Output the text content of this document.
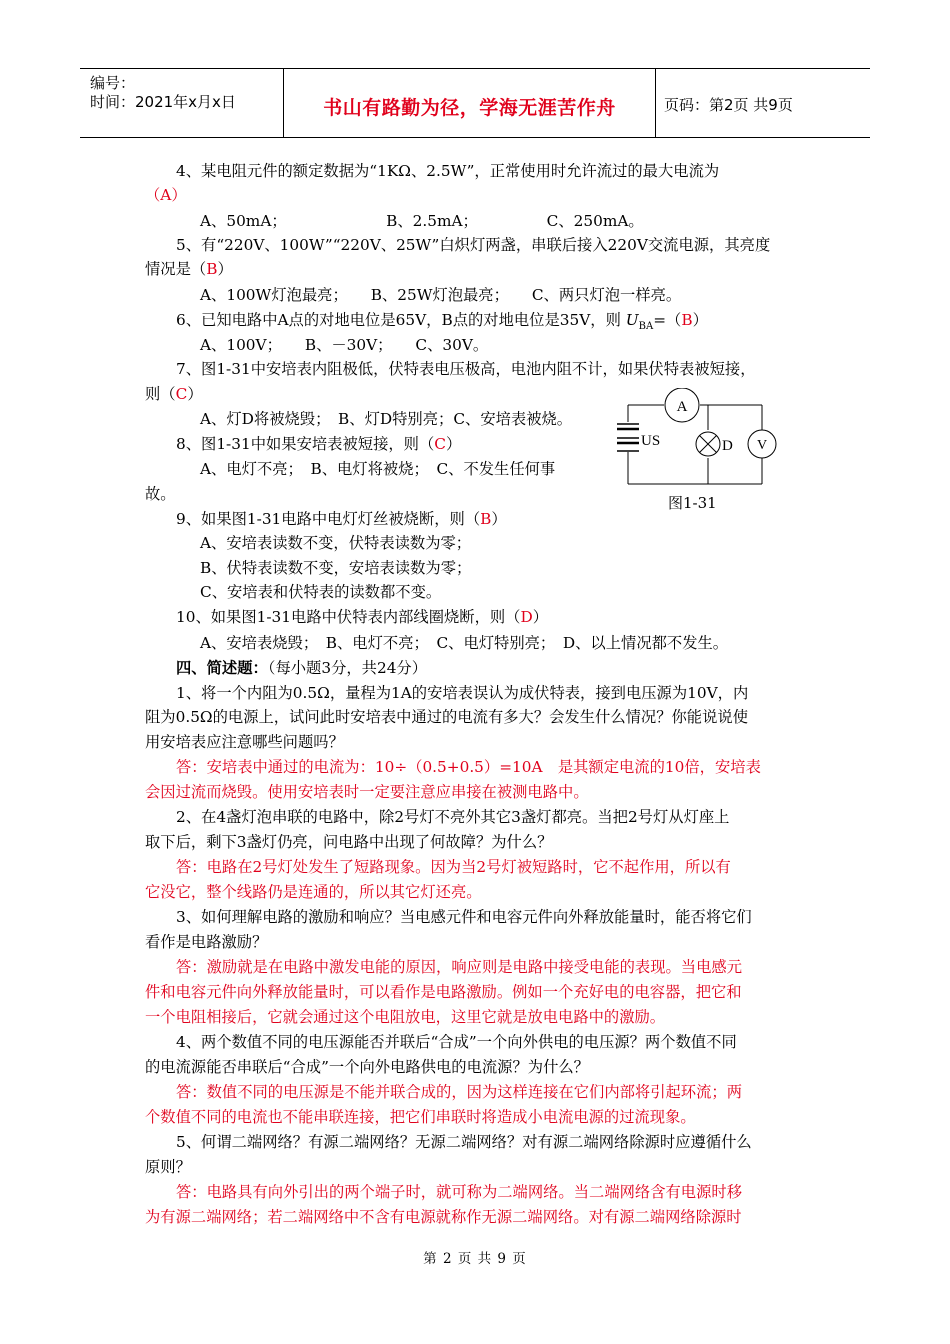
编号：
时间：2021年x月x日	书山有路勤为径，学海无涯苦作舟	页码：第2页 共9页
4、某电阻元件的额定数据为“1KΩ、2.5W”，正常使用时允许流过的最大电流为
（A）
A、50mA；　　　　　　　B、2.5mA；　　　　　C、250mA。
5、有“220V、100W”“220V、25W”白炽灯两盏，串联后接入220V交流电源，其亮度
情况是（B）
A、100W灯泡最亮；　　B、25W灯泡最亮；　　C、两只灯泡一样亮。
6、已知电路中A点的对地电位是65V，B点的对地电位是35V，则 $U_{BA}=(B)$
A、100V；　　B、－30V；　　C、30V。
7、图1-31中安培表内阻极低，伏特表电压极高，电池内阻不计，如果伏特表被短接，
则（C）
A、灯D将被烧毁；　B、灯D特别亮；C、安培表被烧。
8、图1-31中如果安培表被短接，则（C）
A、电灯不亮；　B、电灯将被烧；　C、不发生任何事
故。
9、如果图1-31电路中电灯灯丝被烧断，则（B）
A、安培表读数不变，伏特表读数为零；
B、伏特表读数不变，安培表读数为零；
C、安培表和伏特表的读数都不变。
10、如果图1-31电路中伏特表内部线圈烧断，则（D）
A、安培表烧毁；　B、电灯不亮；　C、电灯特别亮；　D、以上情况都不发生。
四、简述题：（每小题3分，共24分）
1、将一个内阻为0.5Ω，量程为1A的安培表误认为成伏特表，接到电压源为10V，内
阻为0.5Ω的电源上，试问此时安培表中通过的电流有多大？会发生什么情况？你能说说使
用安培表应注意哪些问题吗？
答：安培表中通过的电流为：10÷（0.5+0.5）=10A　是其额定电流的10倍，安培表
会因过流而烧毁。使用安培表时一定要注意应串接在被测电路中。
2、在4盏灯泡串联的电路中，除2号灯不亮外其它3盏灯都亮。当把2号灯从灯座上
取下后，剩下3盏灯仍亮，问电路中出现了何故障？为什么？
答：电路在2号灯处发生了短路现象。因为当2号灯被短路时，它不起作用，所以有
它没它，整个线路仍是连通的，所以其它灯还亮。
3、如何理解电路的激励和响应？当电感元件和电容元件向外释放能量时，能否将它们
看作是电路激励？
答：激励就是在电路中激发电能的原因，响应则是电路中接受电能的表现。当电感元
件和电容元件向外释放能量时，可以看作是电路激励。例如一个充好电的电容器，把它和
一个电阻相接后，它就会通过这个电阻放电，这里它就是放电电路中的激励。
4、两个数值不同的电压源能否并联后“合成”一个向外供电的电压源？两个数值不同
的电流源能否串联后“合成”一个向外电路供电的电流源？为什么？
答：数值不同的电压源是不能并联合成的，因为这样连接在它们内部将引起环流；两
个数值不同的电流也不能串联连接，把它们串联时将造成小电流电源的过流现象。
5、何谓二端网络？有源二端网络？无源二端网络？对有源二端网络除源时应遵循什么
原则？
答：电路具有向外引出的两个端子时，就可称为二端网络。当二端网络含有电源时移
为有源二端网络；若二端网络中不含有电源就称作无源二端网络。对有源二端网络除源时
A
US	D V
图1-31
第 2 页 共 9 页
